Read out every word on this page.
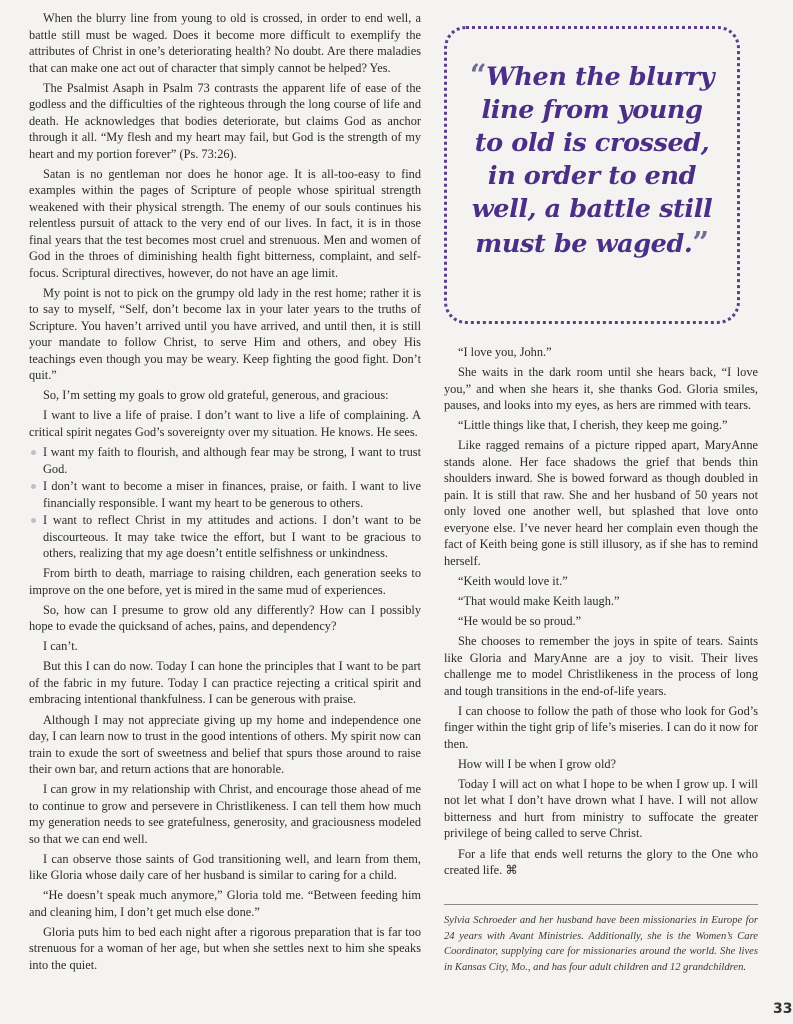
When the blurry line from young to old is crossed, in order to end well, a battle still must be waged. Does it become more difficult to exemplify the attributes of Christ in one’s deteriorating health? No doubt. Are there maladies that can make one act out of character that simply cannot be helped? Yes.

The Psalmist Asaph in Psalm 73 contrasts the apparent life of ease of the godless and the difficulties of the righteous through the long course of life and death. He acknowledges that bodies deteriorate, but claims God as anchor through it all. “My flesh and my heart may fail, but God is the strength of my heart and my portion forever” (Ps. 73:26).

Satan is no gentleman nor does he honor age. It is all-too-easy to find examples within the pages of Scripture of people whose spiritual strength weakened with their physical strength. The enemy of our souls continues his relentless pursuit of attack to the very end of our lives. In fact, it is in those final years that the test becomes most cruel and strenuous. Men and women of God in the throes of diminishing health fight bitterness, complaint, and self-focus. Scriptural directives, however, do not have an age limit.

My point is not to pick on the grumpy old lady in the rest home; rather it is to say to myself, “Self, don’t become lax in your later years to the truths of Scripture. You haven’t arrived until you have arrived, and until then, it is still your mandate to follow Christ, to serve Him and others, and obey His teachings even though you may be weary. Keep fighting the good fight. Don’t quit.”

So, I’m setting my goals to grow old grateful, generous, and gracious:

I want to live a life of praise. I don’t want to live a life of complaining. A critical spirit negates God’s sovereignty over my situation. He knows. He sees.

I want my faith to flourish, and although fear may be strong, I want to trust God.
I don’t want to become a miser in finances, praise, or faith. I want to live financially responsible. I want my heart to be generous to others.
I want to reflect Christ in my attitudes and actions. I don’t want to be discourteous. It may take twice the effort, but I want to be gracious to others, realizing that my age doesn’t entitle selfishness or unkindness.

From birth to death, marriage to raising children, each generation seeks to improve on the one before, yet is mired in the same mud of experiences.

So, how can I presume to grow old any differently? How can I possibly hope to evade the quicksand of aches, pains, and dependency?

I can’t.

But this I can do now. Today I can hone the principles that I want to be part of the fabric in my future. Today I can practice rejecting a critical spirit and embracing intentional thankfulness. I can be generous with praise.

Although I may not appreciate giving up my home and independence one day, I can learn now to trust in the good intentions of others. My spirit now can train to exude the sort of sweetness and belief that spurs those around to raise their own bar, and return actions that are honorable.

I can grow in my relationship with Christ, and encourage those ahead of me to continue to grow and persevere in Christlikeness. I can tell them how much my generation needs to see gratefulness, generosity, and graciousness modeled so that we can end well.

I can observe those saints of God transitioning well, and learn from them, like Gloria whose daily care of her husband is similar to caring for a child.

“He doesn’t speak much anymore,” Gloria told me. “Between feeding him and cleaning him, I don’t get much else done.”

Gloria puts him to bed each night after a rigorous preparation that is far too strenuous for a woman of her age, but when she settles next to him she speaks into the quiet.

“When the blurry line from young to old is crossed, in order to end well, a battle still must be waged.”

“I love you, John.”

She waits in the dark room until she hears back, “I love you,” and when she hears it, she thanks God. Gloria smiles, pauses, and looks into my eyes, as hers are rimmed with tears.

“Little things like that, I cherish, they keep me going.”

Like ragged remains of a picture ripped apart, MaryAnne stands alone. Her face shadows the grief that bends thin shoulders inward. She is bowed forward as though doubled in pain. It is still that raw. She and her husband of 50 years not only loved one another well, but splashed that love onto everyone else. I’ve never heard her complain even though the fact of Keith being gone is still illusory, as if she has to remind herself.

“Keith would love it.”

“That would make Keith laugh.”

“He would be so proud.”

She chooses to remember the joys in spite of tears. Saints like Gloria and MaryAnne are a joy to visit. Their lives challenge me to model Christlikeness in the process of long and tough transitions in the end-of-life years.

I can choose to follow the path of those who look for God’s finger within the tight grip of life’s miseries. I can do it now for then.

How will I be when I grow old?

Today I will act on what I hope to be when I grow up. I will not let what I don’t have drown what I have. I will not allow bitterness and hurt from ministry to suffocate the greater privilege of being called to serve Christ.

For a life that ends well returns the glory to the One who created life. ⌘

Sylvia Schroeder and her husband have been missionaries in Europe for 24 years with Avant Ministries. Additionally, she is the Women’s Care Coordinator, supplying care for missionaries around the world. She lives in Kansas City, Mo., and has four adult children and 12 grandchildren.
33
